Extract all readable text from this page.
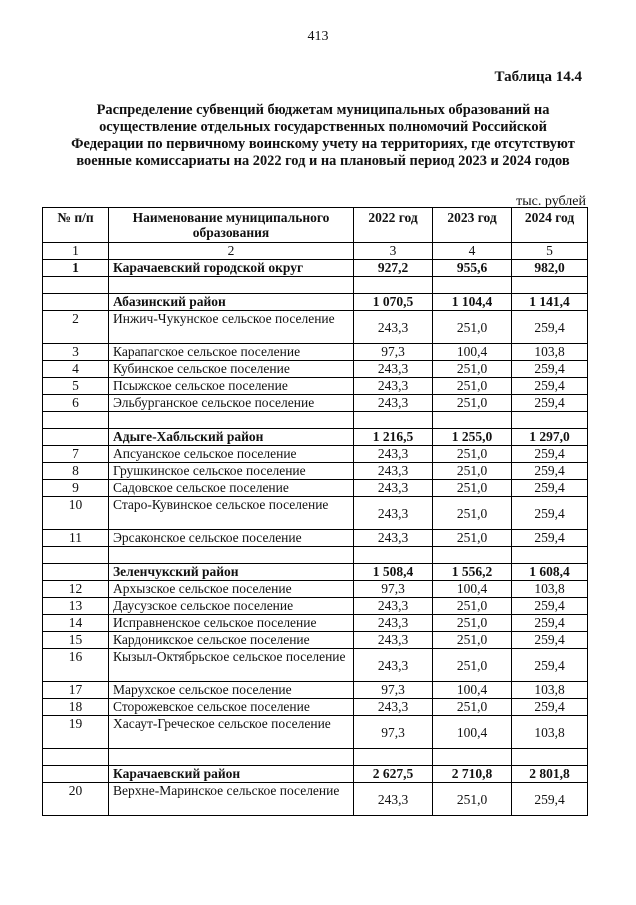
413
Таблица 14.4
Распределение субвенций бюджетам муниципальных образований на
осуществление отдельных государственных полномочий Российской
Федерации по первичному воинскому учету на территориях, где отсутствуют
военные комиссариаты на 2022 год и на плановый период 2023 и 2024 годов
тыс. рублей
№ п/п	Наименование муниципального образования	2022 год	2023 год	2024 год
1	2	3	4	5
1	Карачаевский городской округ	927,2	955,6	982,0

	Абазинский район	1 070,5	1 104,4	1 141,4
2	Инжич-Чукунское сельское поселение	243,3	251,0	259,4
3	Карапагское сельское поселение	97,3	100,4	103,8
4	Кубинское сельское поселение	243,3	251,0	259,4
5	Псыжское сельское поселение	243,3	251,0	259,4
6	Эльбурганское сельское поселение	243,3	251,0	259,4

	Адыге-Хабльский район	1 216,5	1 255,0	1 297,0
7	Апсуанское сельское поселение	243,3	251,0	259,4
8	Грушкинское сельское поселение	243,3	251,0	259,4
9	Садовское сельское поселение	243,3	251,0	259,4
10	Старо-Кувинское сельское поселение	243,3	251,0	259,4
11	Эрсаконское сельское поселение	243,3	251,0	259,4

	Зеленчукский район	1 508,4	1 556,2	1 608,4
12	Архызское сельское поселение	97,3	100,4	103,8
13	Даусузское сельское поселение	243,3	251,0	259,4
14	Исправненское сельское поселение	243,3	251,0	259,4
15	Кардоникское сельское поселение	243,3	251,0	259,4
16	Кызыл-Октябрьское сельское поселение	243,3	251,0	259,4
17	Марухское сельское поселение	97,3	100,4	103,8
18	Сторожевское сельское поселение	243,3	251,0	259,4
19	Хасаут-Греческое сельское поселение	97,3	100,4	103,8

	Карачаевский район	2 627,5	2 710,8	2 801,8
20	Верхне-Маринское сельское поселение	243,3	251,0	259,4
